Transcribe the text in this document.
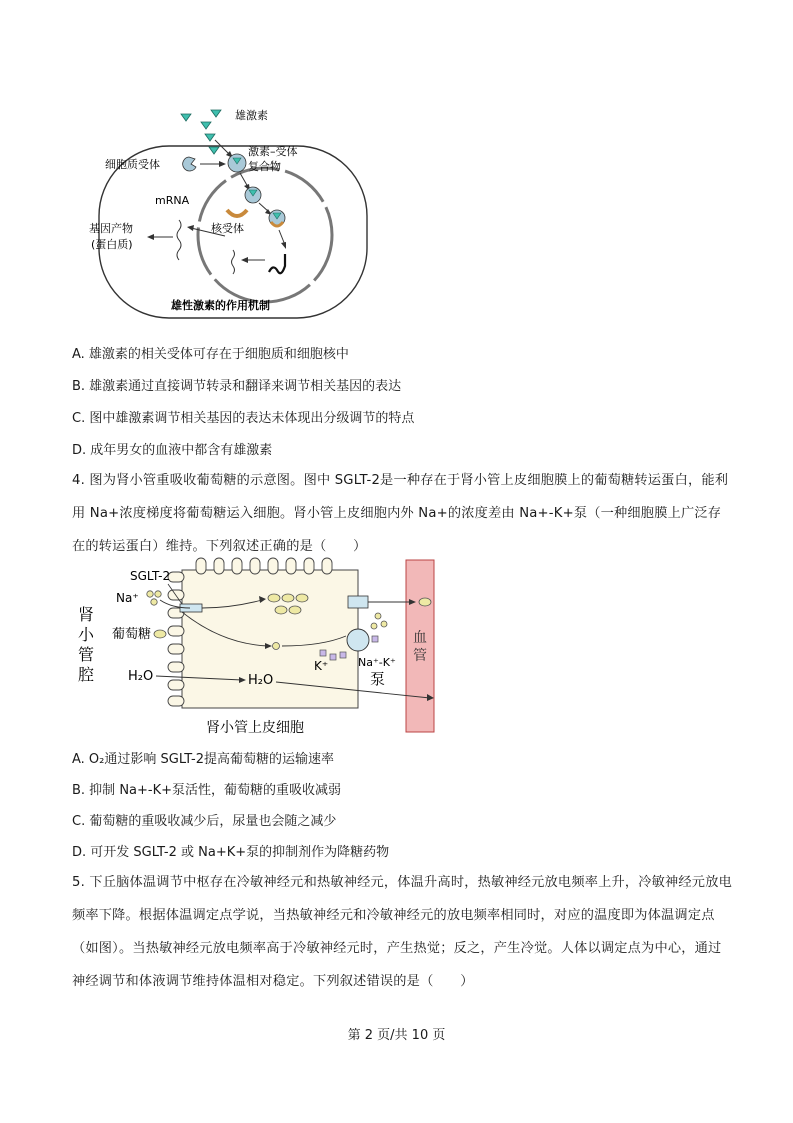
雄激素
激素–受体
复合物
细胞质受体
核受体
mRNA
基因产物
(蛋白质)
雄性激素的作用机制
A. 雄激素的相关受体可存在于细胞质和细胞核中
B. 雄激素通过直接调节转录和翻译来调节相关基因的表达
C. 图中雄激素调节相关基因的表达未体现出分级调节的特点
D. 成年男女的血液中都含有雄激素
4. 图为肾小管重吸收葡萄糖的示意图。图中 SGLT-2是一种存在于肾小管上皮细胞膜上的葡萄糖转运蛋白，能利用 Na+浓度梯度将葡萄糖运入细胞。肾小管上皮细胞内外 Na+的浓度差由 Na+-K+泵（一种细胞膜上广泛存在的转运蛋白）维持。下列叙述正确的是（　　）
血
管
肾
小
管
腔
SGLT-2
Na⁺
葡萄糖
K⁺	Na⁺-K⁺
泵
H₂O	H₂O
肾小管上皮细胞
A. O₂通过影响 SGLT-2提高葡萄糖的运输速率
B. 抑制 Na+-K+泵活性，葡萄糖的重吸收减弱
C. 葡萄糖的重吸收减少后，尿量也会随之减少
D. 可开发 SGLT-2 或 Na+K+泵的抑制剂作为降糖药物
5. 下丘脑体温调节中枢存在冷敏神经元和热敏神经元，体温升高时，热敏神经元放电频率上升，冷敏神经元放电频率下降。根据体温调定点学说，当热敏神经元和冷敏神经元的放电频率相同时，对应的温度即为体温调定点（如图）。当热敏神经元放电频率高于冷敏神经元时，产生热觉；反之，产生冷觉。人体以调定点为中心，通过神经调节和体液调节维持体温相对稳定。下列叙述错误的是（　　）
第 2 页/共 10 页
